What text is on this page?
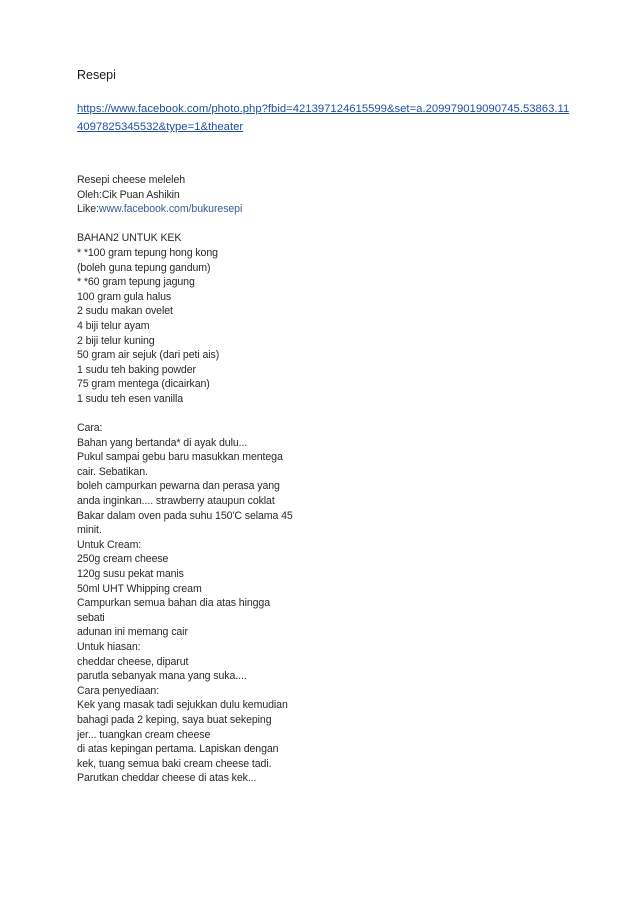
Resepi
https://www.facebook.com/photo.php?fbid=421397124615599&set=a.209979019090745.53863.11
4097825345532&type=1&theater
Resepi cheese meleleh
Oleh:Cik Puan Ashikin
Like:www.facebook.com/bukuresepi
BAHAN2 UNTUK KEK
* *100 gram tepung hong kong
(boleh guna tepung gandum)
* *60 gram tepung jagung
100 gram gula halus
2 sudu makan ovelet
4 biji telur ayam
2 biji telur kuning
50 gram air sejuk (dari peti ais)
1 sudu teh baking powder
75 gram mentega (dicairkan)
1 sudu teh esen vanilla
Cara:
Bahan yang bertanda* di ayak dulu...
Pukul sampai gebu baru masukkan mentega
cair. Sebatikan.
boleh campurkan pewarna dan perasa yang
anda inginkan.... strawberry ataupun coklat
Bakar dalam oven pada suhu 150'C selama 45
minit.
Untuk Cream:
250g cream cheese
120g susu pekat manis
50ml UHT Whipping cream
Campurkan semua bahan dia atas hingga
sebati
adunan ini memang cair
Untuk hiasan:
cheddar cheese, diparut
parutla sebanyak mana yang suka....
Cara penyediaan:
Kek yang masak tadi sejukkan dulu kemudian
bahagi pada 2 keping, saya buat sekeping
jer... tuangkan cream cheese
di atas kepingan pertama. Lapiskan dengan
kek, tuang semua baki cream cheese tadi.
Parutkan cheddar cheese di atas kek...
